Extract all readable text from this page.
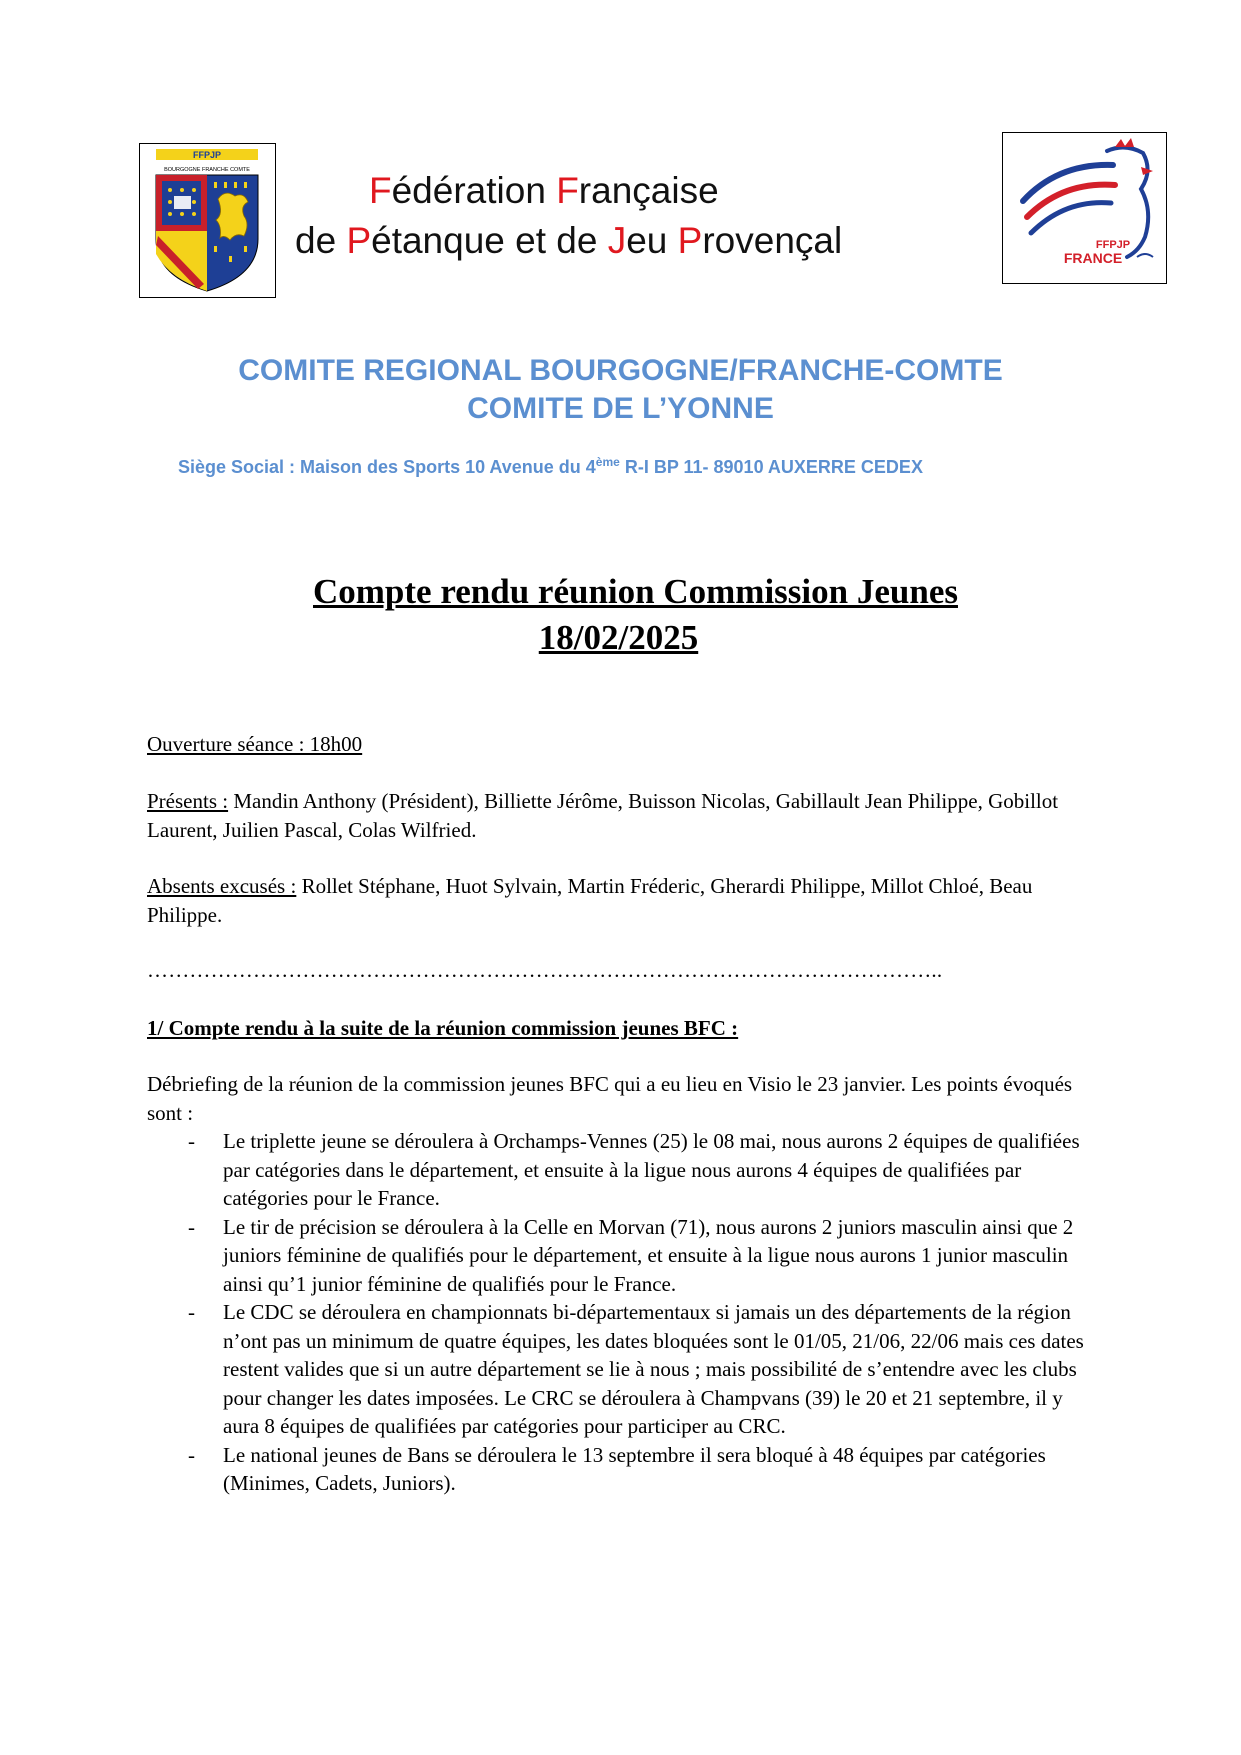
FFPJP
BOURGOGNE FRANCHE COMTE	Fédération Française
de Pétanque et de Jeu Provençal	FFPJP
FRANCE
COMITE REGIONAL BOURGOGNE/FRANCHE-COMTE
COMITE DE L’YONNE
Siège Social : Maison des Sports 10 Avenue du 4ème R-I BP 11- 89010 AUXERRE CEDEX
Compte rendu réunion Commission Jeunes
18/02/2025
Ouverture séance : 18h00
Présents : Mandin Anthony (Président), Billiette Jérôme, Buisson Nicolas, Gabillault Jean Philippe, Gobillot Laurent, Juilien Pascal, Colas Wilfried.
Absents excusés : Rollet Stéphane, Huot Sylvain, Martin Fréderic, Gherardi Philippe, Millot Chloé, Beau Philippe.
…………………………………………………………………………………………………..
1/ Compte rendu à la suite de la réunion commission jeunes BFC :
Débriefing de la réunion de la commission jeunes BFC qui a eu lieu en Visio le 23 janvier. Les points évoqués sont :
- Le triplette jeune se déroulera à Orchamps-Vennes (25) le 08 mai, nous aurons 2 équipes de qualifiées par catégories dans le département, et ensuite à la ligue nous aurons 4 équipes de qualifiées par catégories pour le France.
- Le tir de précision se déroulera à la Celle en Morvan (71), nous aurons 2 juniors masculin ainsi que 2 juniors féminine de qualifiés pour le département, et ensuite à la ligue nous aurons 1 junior masculin ainsi qu’1 junior féminine de qualifiés pour le France.
- Le CDC se déroulera en championnats bi-départementaux si jamais un des départements de la région n’ont pas un minimum de quatre équipes, les dates bloquées sont le 01/05, 21/06, 22/06 mais ces dates restent valides que si un autre département se lie à nous ; mais possibilité de s’entendre avec les clubs pour changer les dates imposées. Le CRC se déroulera à Champvans (39) le 20 et 21 septembre, il y aura 8 équipes de qualifiées par catégories pour participer au CRC.
- Le national jeunes de Bans se déroulera le 13 septembre il sera bloqué à 48 équipes par catégories (Minimes, Cadets, Juniors).
